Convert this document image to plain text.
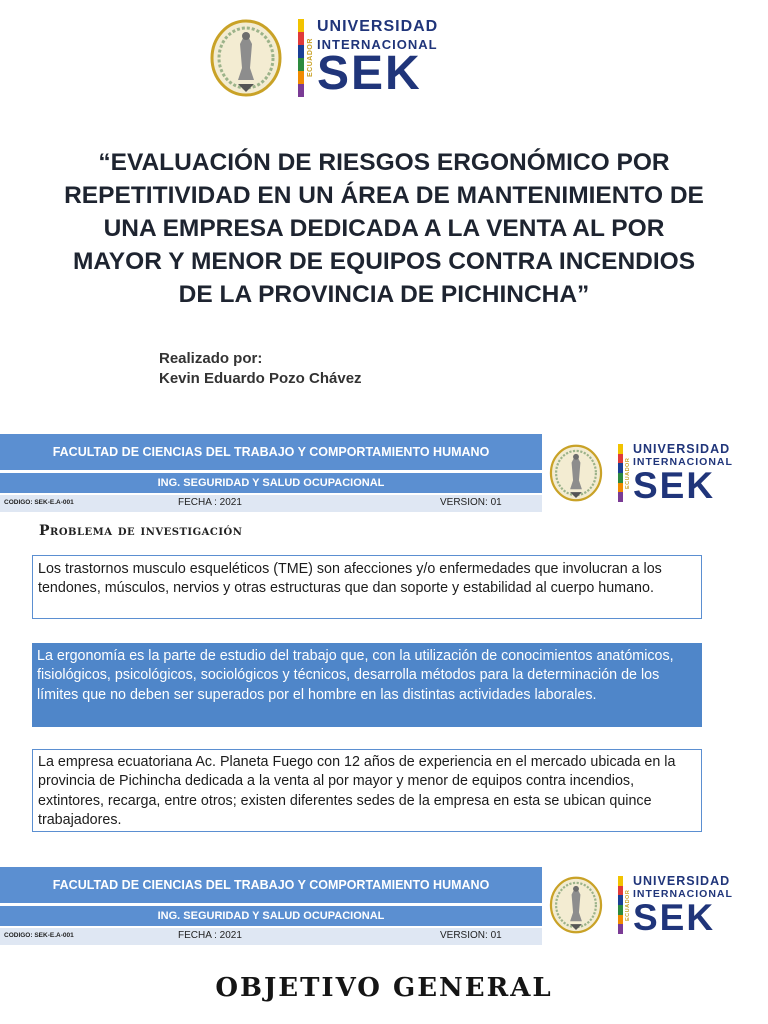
ECUADOR
UNIVERSIDAD
INTERNACIONAL
SEK
“EVALUACIÓN DE RIESGOS ERGONÓMICO POR REPETITIVIDAD EN UN ÁREA DE MANTENIMIENTO DE UNA EMPRESA DEDICADA A LA VENTA AL POR MAYOR Y MENOR DE EQUIPOS CONTRA INCENDIOS DE LA PROVINCIA DE PICHINCHA”
Realizado por:
Kevin Eduardo Pozo Chávez
FACULTAD DE CIENCIAS DEL TRABAJO Y COMPORTAMIENTO HUMANO
ING. SEGURIDAD Y SALUD OCUPACIONAL
CODIGO: SEK-E.A-001	FECHA : 2021	VERSION: 01
ECUADOR
UNIVERSIDAD
INTERNACIONAL
SEK
Problema de investigación
Los trastornos musculo esqueléticos (TME) son afecciones y/o enfermedades que involucran a los tendones, músculos, nervios y otras estructuras que dan soporte y estabilidad al cuerpo humano.
La ergonomía es la parte de estudio del trabajo que, con la utilización de conocimientos anatómicos, fisiológicos, psicológicos, sociológicos y técnicos, desarrolla métodos para la determinación de los límites que no deben ser superados por el hombre en las distintas actividades laborales.
La empresa ecuatoriana Ac. Planeta Fuego con 12 años de experiencia en el mercado ubicada en la provincia de Pichincha dedicada a la venta al por mayor y menor de equipos contra incendios, extintores, recarga, entre otros; existen diferentes sedes de la empresa en esta se ubican quince trabajadores.
FACULTAD DE CIENCIAS DEL TRABAJO Y COMPORTAMIENTO HUMANO
ING. SEGURIDAD Y SALUD OCUPACIONAL
CODIGO: SEK-E.A-001	FECHA : 2021	VERSION: 01
ECUADOR
UNIVERSIDAD
INTERNACIONAL
SEK
OBJETIVO GENERAL
